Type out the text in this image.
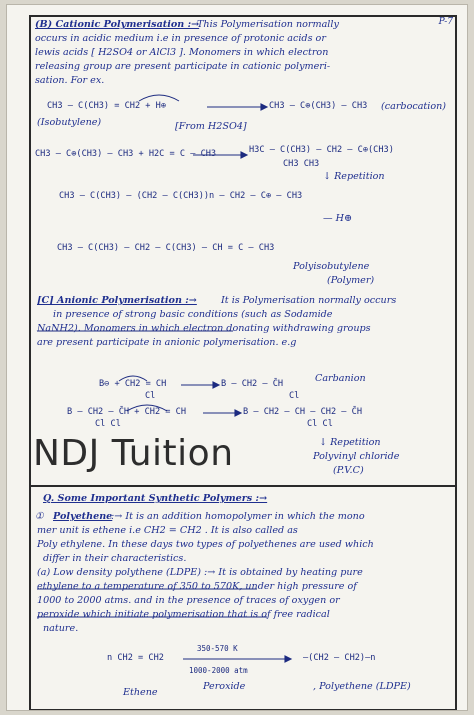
P-7
(B) Cationic Polymerisation :→
This Polymerisation normally
occurs in acidic medium i.e in presence of protonic acids or
lewis acids [ H2SO4 or AlCl3 ]. Monomers in which electron
releasing group are present participate in cationic polymeri-
sation. For ex.
CH3 — C(CH3) = CH2 + H⊕	CH3 — C⊕(CH3) — CH3 (carbocation)
(Isobutylene)	[From H2SO4]
CH3 — C⊕(CH3) — CH3 + H2C = C — CH3	H3C — C(CH3) — CH2 — C⊕(CH3)
CH3 CH3
↓ Repetition
CH3 — C(CH3) — (CH2 — C(CH3))n — CH2 — C⊕ — CH3
— H⊕
CH3 — C(CH3) — CH2 — C(CH3) — CH = C — CH3
Polyisobutylene
(Polymer)
[C] Anionic Polymerisation :→	It is Polymerisation normally occurs
in presence of strong basic conditions (such as Sodamide
NaNH2). Monomers in which electron donating withdrawing groups
are present participate in anionic polymerisation. e.g
B⊖ + CH2 = CH
Cl
B — CH2 — C̄H
Cl
Carbanion
B — CH2 — C̄H + CH2 = CH
Cl Cl
B — CH2 — CH — CH2 — C̄H
Cl Cl
↓ Repetition
Polyvinyl chloride
(P.V.C)
NDJ Tuition
Q. Some Important Synthetic Polymers :→
① Polyethene
:→ It is an addition homopolymer in which the mono
mer unit is ethene i.e CH2 = CH2 . It is also called as
Poly ethylene. In these days two types of polyethenes are used which
differ in their characteristics.
(a) Low density polythene (LDPE) :→ It is obtained by heating pure
ethylene to a temperature of 350 to 570K, under high pressure of
1000 to 2000 atms. and in the presence of traces of oxygen or
peroxide which initiate polymerisation that is of free radical
nature.
n CH2 = CH2
350-570 K
1000-2000 atm
—(CH2 — CH2)—n
Ethene
Peroxide	, Polyethene (LDPE)
